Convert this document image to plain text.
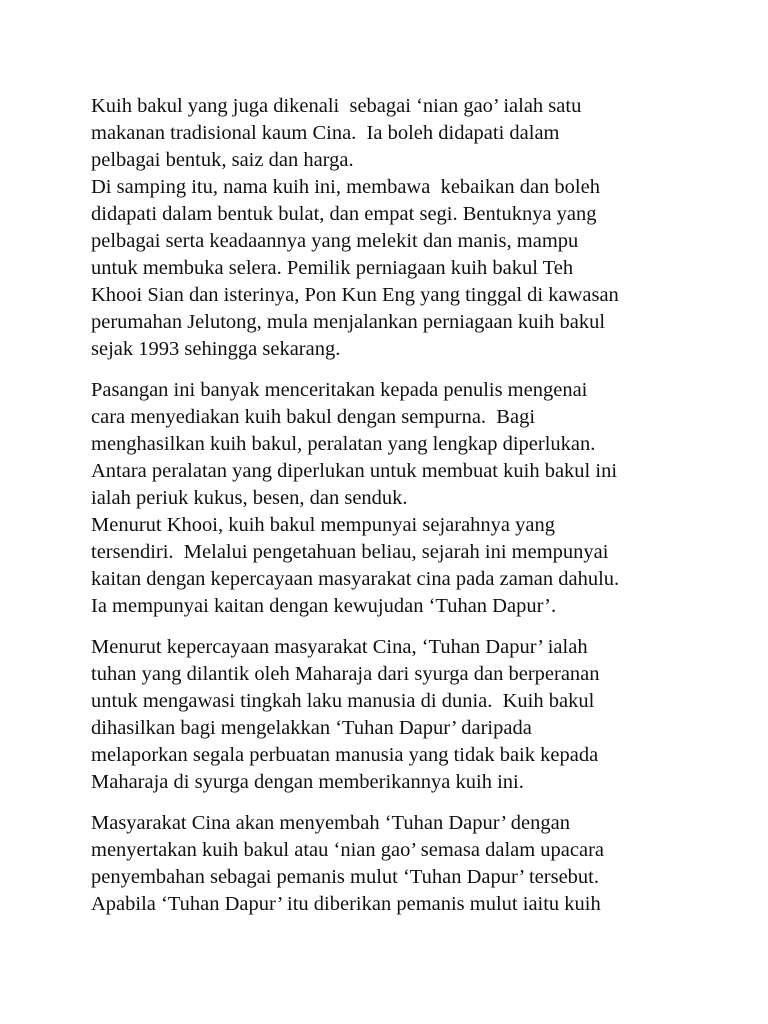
Kuih bakul yang juga dikenali  sebagai ‘nian gao’ ialah satu
makanan tradisional kaum Cina.  Ia boleh didapati dalam
pelbagai bentuk, saiz dan harga.
Di samping itu, nama kuih ini, membawa  kebaikan dan boleh
didapati dalam bentuk bulat, dan empat segi. Bentuknya yang
pelbagai serta keadaannya yang melekit dan manis, mampu
untuk membuka selera. Pemilik perniagaan kuih bakul Teh
Khooi Sian dan isterinya, Pon Kun Eng yang tinggal di kawasan
perumahan Jelutong, mula menjalankan perniagaan kuih bakul
sejak 1993 sehingga sekarang.
Pasangan ini banyak menceritakan kepada penulis mengenai
cara menyediakan kuih bakul dengan sempurna.  Bagi
menghasilkan kuih bakul, peralatan yang lengkap diperlukan.
Antara peralatan yang diperlukan untuk membuat kuih bakul ini
ialah periuk kukus, besen, dan senduk.
Menurut Khooi, kuih bakul mempunyai sejarahnya yang
tersendiri.  Melalui pengetahuan beliau, sejarah ini mempunyai
kaitan dengan kepercayaan masyarakat cina pada zaman dahulu.
Ia mempunyai kaitan dengan kewujudan ‘Tuhan Dapur’.
Menurut kepercayaan masyarakat Cina, ‘Tuhan Dapur’ ialah
tuhan yang dilantik oleh Maharaja dari syurga dan berperanan
untuk mengawasi tingkah laku manusia di dunia.  Kuih bakul
dihasilkan bagi mengelakkan ‘Tuhan Dapur’ daripada
melaporkan segala perbuatan manusia yang tidak baik kepada
Maharaja di syurga dengan memberikannya kuih ini.
Masyarakat Cina akan menyembah ‘Tuhan Dapur’ dengan
menyertakan kuih bakul atau ‘nian gao’ semasa dalam upacara
penyembahan sebagai pemanis mulut ‘Tuhan Dapur’ tersebut.
Apabila ‘Tuhan Dapur’ itu diberikan pemanis mulut iaitu kuih
